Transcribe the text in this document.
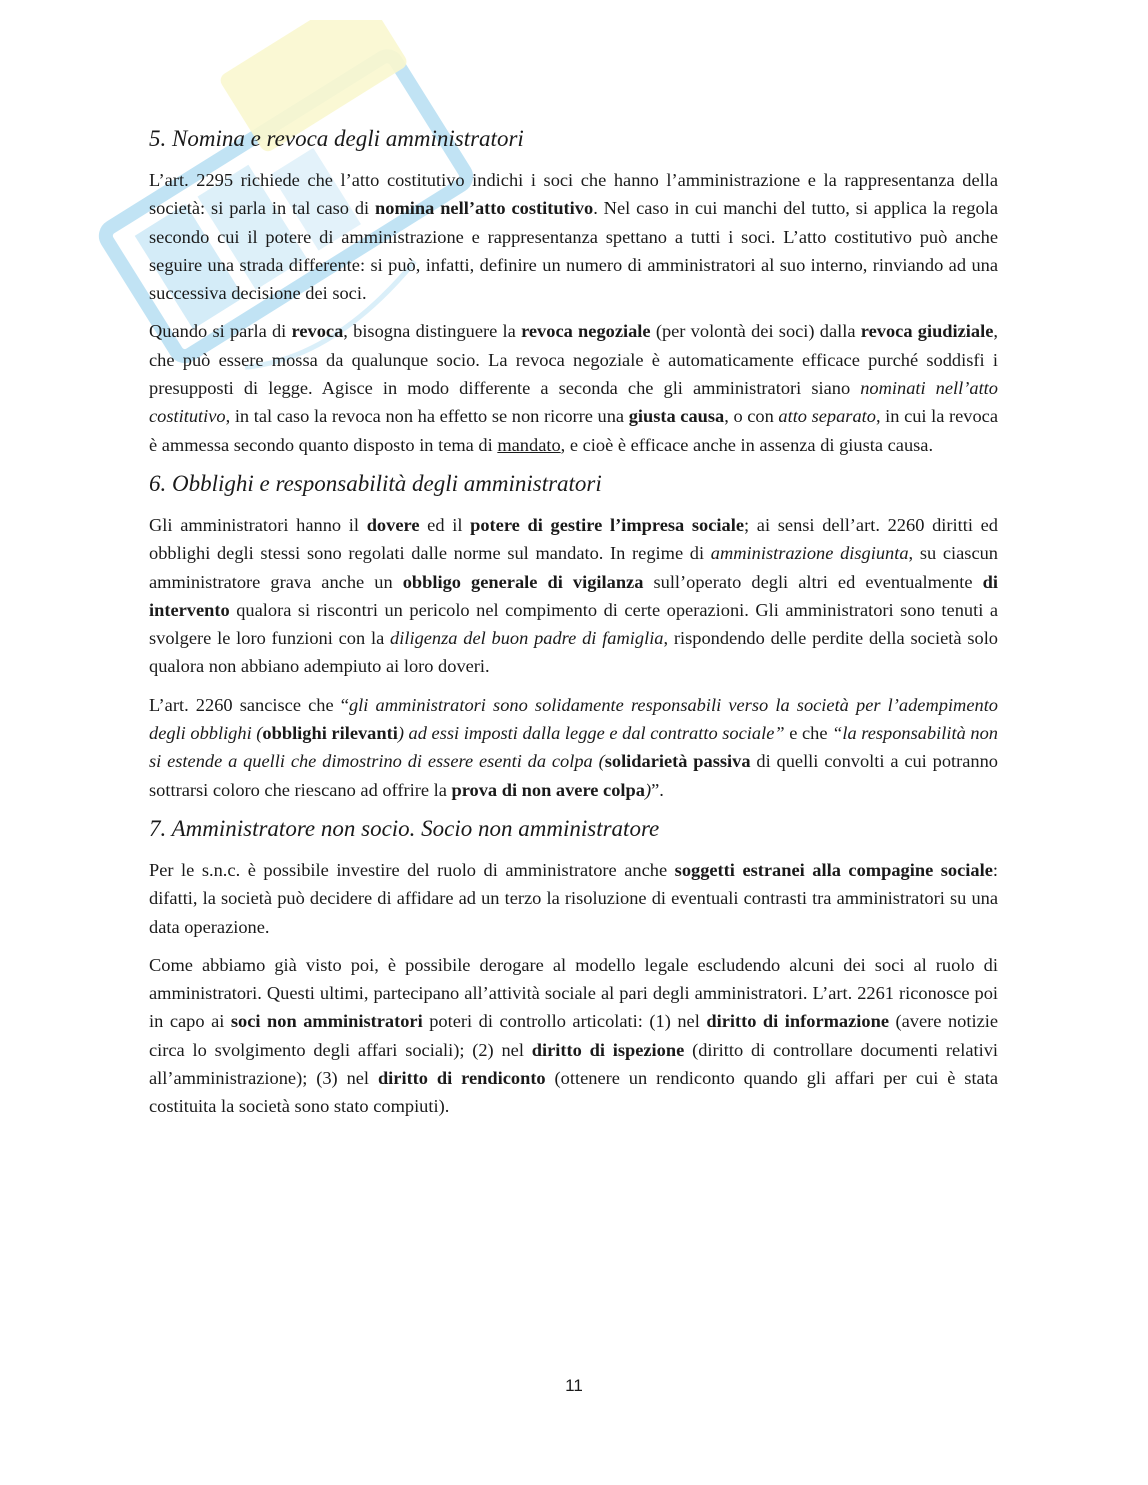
5. Nomina e revoca degli amministratori

L’art. 2295 richiede che l’atto costitutivo indichi i soci che hanno l’amministrazione e la rappresentanza della società: si parla in tal caso di nomina nell’atto costitutivo. Nel caso in cui manchi del tutto, si applica la regola secondo cui il potere di amministrazione e rappresentanza spettano a tutti i soci. L’atto costitutivo può anche seguire una strada differente: si può, infatti, definire un numero di amministratori al suo interno, rinviando ad una successiva decisione dei soci.

Quando si parla di revoca, bisogna distinguere la revoca negoziale (per volontà dei soci) dalla revoca giudiziale, che può essere mossa da qualunque socio. La revoca negoziale è automaticamente efficace purché soddisfi i presupposti di legge. Agisce in modo differente a seconda che gli amministratori siano nominati nell’atto costitutivo, in tal caso la revoca non ha effetto se non ricorre una giusta causa, o con atto separato, in cui la revoca è ammessa secondo quanto disposto in tema di mandato, e cioè è efficace anche in assenza di giusta causa.

6. Obblighi e responsabilità degli amministratori

Gli amministratori hanno il dovere ed il potere di gestire l’impresa sociale; ai sensi dell’art. 2260 diritti ed obblighi degli stessi sono regolati dalle norme sul mandato. In regime di amministrazione disgiunta, su ciascun amministratore grava anche un obbligo generale di vigilanza sull’operato degli altri ed eventualmente di intervento qualora si riscontri un pericolo nel compimento di certe operazioni. Gli amministratori sono tenuti a svolgere le loro funzioni con la diligenza del buon padre di famiglia, rispondendo delle perdite della società solo qualora non abbiano adempiuto ai loro doveri.

L’art. 2260 sancisce che “gli amministratori sono solidamente responsabili verso la società per l’adempimento degli obblighi (obblighi rilevanti) ad essi imposti dalla legge e dal contratto sociale” e che “la responsabilità non si estende a quelli che dimostrino di essere esenti da colpa (solidarietà passiva di quelli convolti a cui potranno sottrarsi coloro che riescano ad offrire la prova di non avere colpa)”.

7. Amministratore non socio. Socio non amministratore

Per le s.n.c. è possibile investire del ruolo di amministratore anche soggetti estranei alla compagine sociale: difatti, la società può decidere di affidare ad un terzo la risoluzione di eventuali contrasti tra amministratori su una data operazione.

Come abbiamo già visto poi, è possibile derogare al modello legale escludendo alcuni dei soci al ruolo di amministratori. Questi ultimi, partecipano all’attività sociale al pari degli amministratori. L’art. 2261 riconosce poi in capo ai soci non amministratori poteri di controllo articolati: (1) nel diritto di informazione (avere notizie circa lo svolgimento degli affari sociali); (2) nel diritto di ispezione (diritto di controllare documenti relativi all’amministrazione); (3) nel diritto di rendiconto (ottenere un rendiconto quando gli affari per cui è stata costituita la società sono stato compiuti).

11
